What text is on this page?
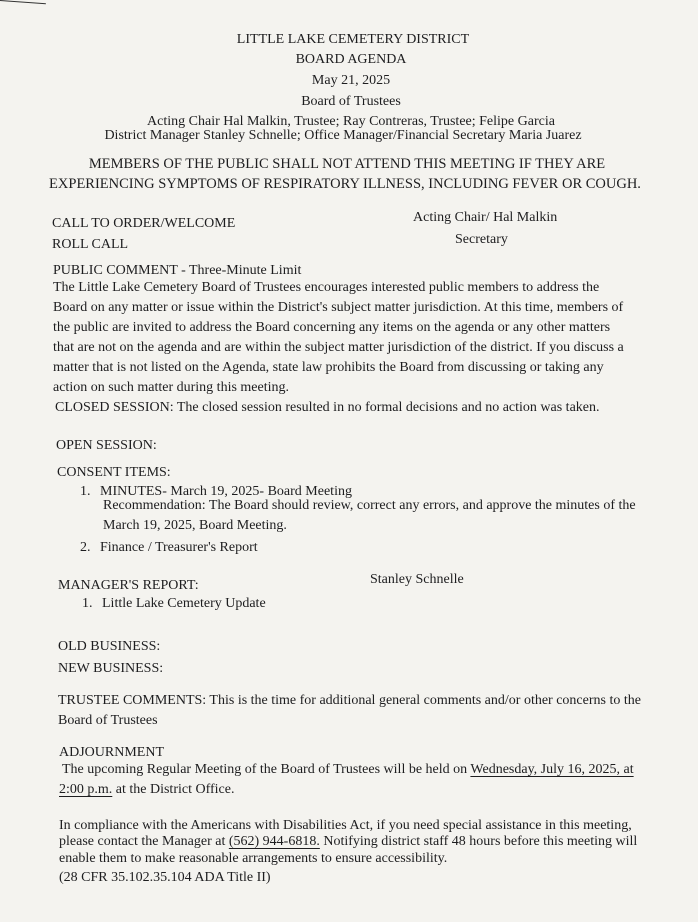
LITTLE LAKE CEMETERY DISTRICT
BOARD AGENDA
May 21, 2025
Board of Trustees
Acting Chair Hal Malkin, Trustee; Ray Contreras, Trustee; Felipe Garcia
District Manager Stanley Schnelle; Office Manager/Financial Secretary Maria Juarez
MEMBERS OF THE PUBLIC SHALL NOT ATTEND THIS MEETING IF THEY ARE
EXPERIENCING SYMPTOMS OF RESPIRATORY ILLNESS, INCLUDING FEVER OR COUGH.
CALL TO ORDER/WELCOME	Acting Chair/ Hal Malkin
ROLL CALL	Secretary
PUBLIC COMMENT - Three-Minute Limit
The Little Lake Cemetery Board of Trustees encourages interested public members to address the Board on any matter or issue within the District's subject matter jurisdiction. At this time, members of the public are invited to address the Board concerning any items on the agenda or any other matters that are not on the agenda and are within the subject matter jurisdiction of the district. If you discuss a matter that is not listed on the Agenda, state law prohibits the Board from discussing or taking any action on such matter during this meeting.
CLOSED SESSION: The closed session resulted in no formal decisions and no action was taken.
OPEN SESSION:
CONSENT ITEMS:
1. MINUTES- March 19, 2025- Board Meeting
Recommendation: The Board should review, correct any errors, and approve the minutes of the
March 19, 2025, Board Meeting.
2. Finance / Treasurer's Report
MANAGER'S REPORT:	Stanley Schnelle
1. Little Lake Cemetery Update
OLD BUSINESS:
NEW BUSINESS:
TRUSTEE COMMENTS: This is the time for additional general comments and/or other concerns to the
Board of Trustees
ADJOURNMENT
The upcoming Regular Meeting of the Board of Trustees will be held on Wednesday, July 16, 2025, at
2:00 p.m. at the District Office.
In compliance with the Americans with Disabilities Act, if you need special assistance in this meeting,
please contact the Manager at (562) 944-6818. Notifying district staff 48 hours before this meeting will
enable them to make reasonable arrangements to ensure accessibility.
(28 CFR 35.102.35.104 ADA Title II)
